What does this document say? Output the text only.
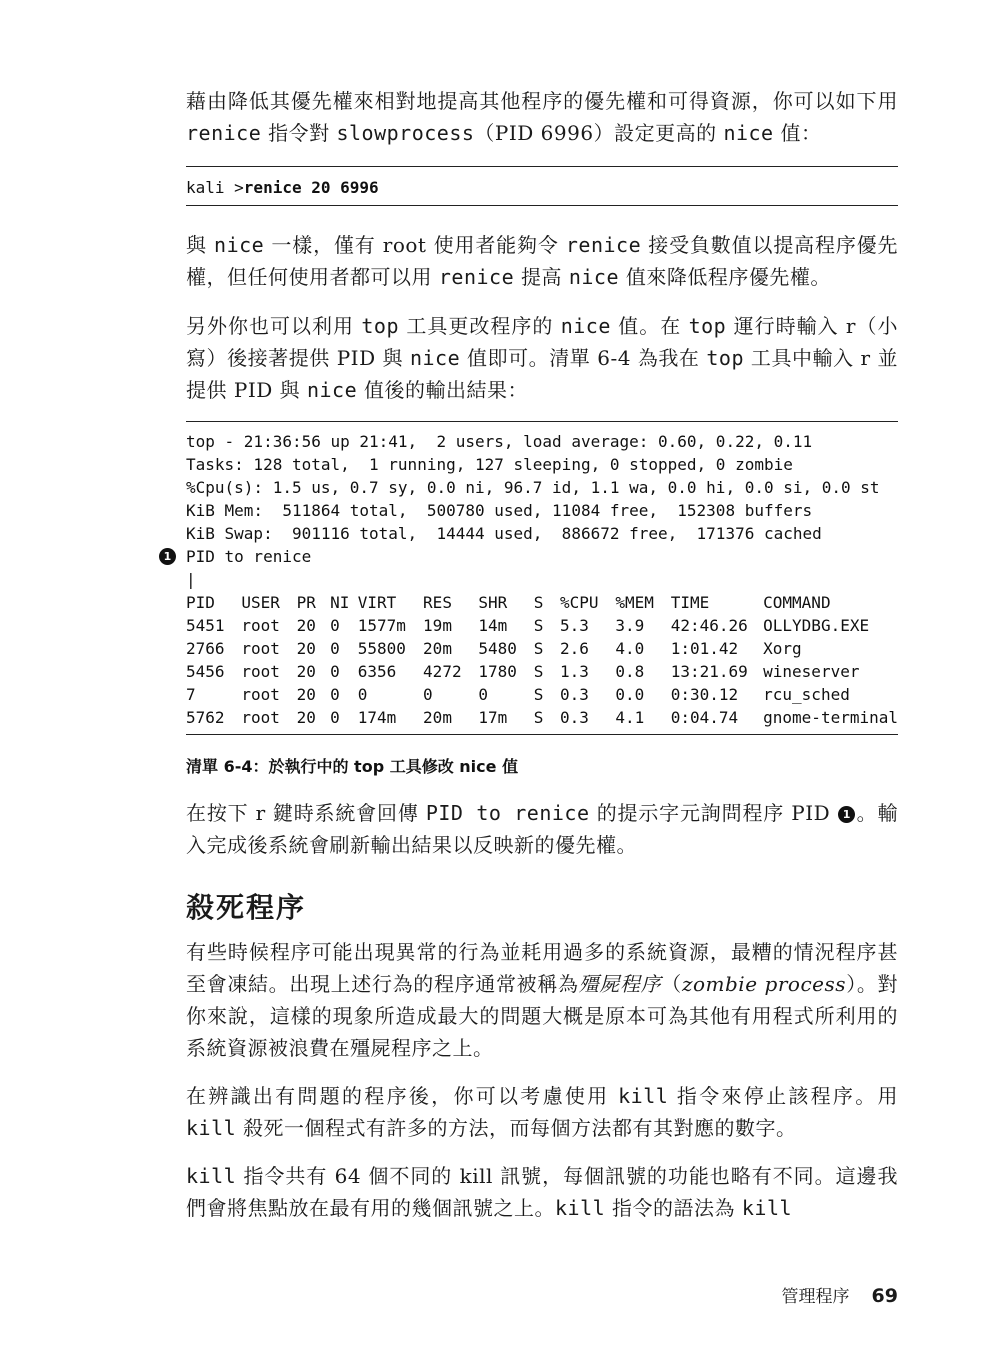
藉由降低其優先權來相對地提高其他程序的優先權和可得資源，你可以如下用 renice 指令對 slowprocess（PID 6996）設定更高的 nice 值：

kali >renice 20 6996

與 nice 一樣，僅有 root 使用者能夠令 renice 接受負數值以提高程序優先權，但任何使用者都可以用 renice 提高 nice 值來降低程序優先權。

另外你也可以利用 top 工具更改程序的 nice 值。在 top 運行時輸入 r（小寫）後接著提供 PID 與 nice 值即可。清單 6-4 為我在 top 工具中輸入 r 並提供 PID 與 nice 值後的輸出結果：

top - 21:36:56 up 21:41,  2 users, load average: 0.60, 0.22, 0.11
Tasks: 128 total,  1 running, 127 sleeping, 0 stopped, 0 zombie
%Cpu(s): 1.5 us, 0.7 sy, 0.0 ni, 96.7 id, 1.1 wa, 0.0 hi, 0.0 si, 0.0 st
KiB Mem:  511864 total,  500780 used, 11084 free,  152308 buffers
KiB Swap:  901116 total,  14444 used,  886672 free,  171376 cached
1 PID to renice
|
PID	USER	PR	NI	VIRT	RES	SHR	S	%CPU	%MEM	TIME	COMMAND
5451	root	20	0	1577m	19m	14m	S	5.3	3.9	42:46.26	OLLYDBG.EXE
2766	root	20	0	55800	20m	5480	S	2.6	4.0	1:01.42	Xorg
5456	root	20	0	6356	4272	1780	S	1.3	0.8	13:21.69	wineserver
7	root	20	0	0	0	0	S	0.3	0.0	0:30.12	rcu_sched
5762	root	20	0	174m	20m	17m	S	0.3	4.1	0:04.74	gnome-terminal
清單 6-4：於執行中的 top 工具修改 nice 值

在按下 r 鍵時系統會回傳 PID to renice 的提示字元詢問程序 PID 1 。輸入完成後系統會刷新輸出結果以反映新的優先權。

殺死程序

有些時候程序可能出現異常的行為並耗用過多的系統資源，最糟的情況程序甚至會凍結。出現上述行為的程序通常被稱為殭屍程序（zombie process）。對你來說，這樣的現象所造成最大的問題大概是原本可為其他有用程式所利用的系統資源被浪費在殭屍程序之上。

在辨識出有問題的程序後，你可以考慮使用 kill 指令來停止該程序。用 kill 殺死一個程式有許多的方法，而每個方法都有其對應的數字。

kill 指令共有 64 個不同的 kill 訊號，每個訊號的功能也略有不同。這邊我們會將焦點放在最有用的幾個訊號之上。kill 指令的語法為 kill

管理程序 69
